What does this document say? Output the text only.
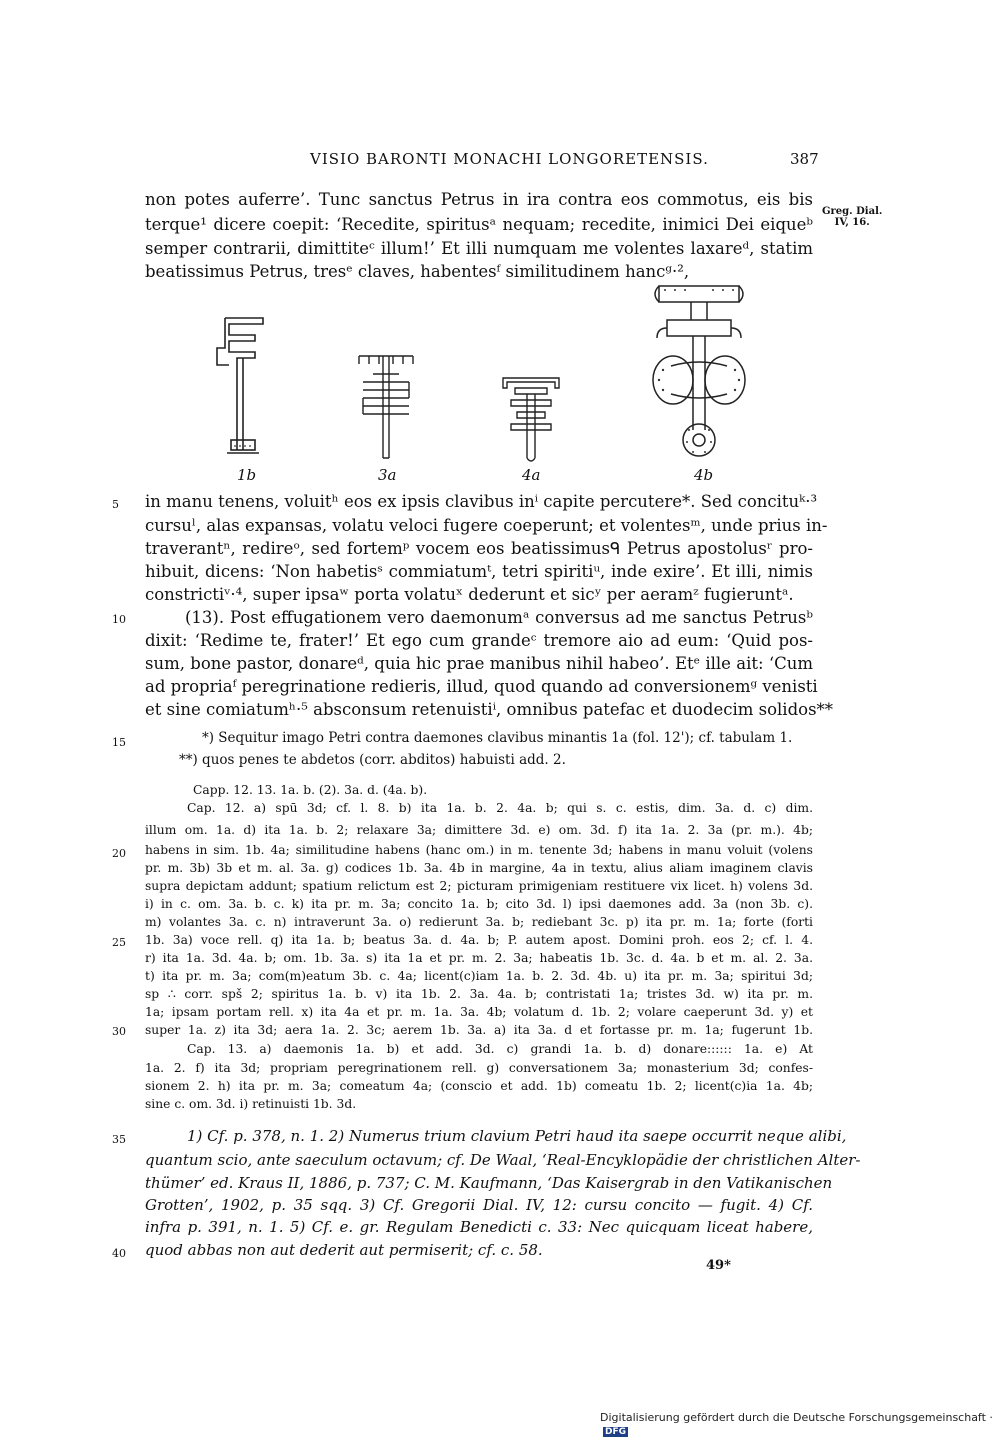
VISIO BARONTI MONACHI LONGORETENSIS.	387
Greg. Dial.
IV, 16.
non potes auferre’. Tunc sanctus Petrus in ira contra eos commotus, eis bis
terque¹ dicere coepit: ‘Recedite, spiritusᵃ nequam; recedite, inimici Dei eiqueᵇ
semper contrarii, dimittiteᶜ illum!’ Et illi numquam me volentes laxareᵈ, statim
beatissimus Petrus, tresᵉ claves, habentesᶠ similitudinem hancᵍ·²,
1b	3a	4a	4b
in manu tenens, voluitʰ eos ex ipsis clavibus inⁱ capite percutere*. Sed concituᵏ·³
cursuˡ, alas expansas, volatu veloci fugere coeperunt; et volentesᵐ, unde prius in-
traverantⁿ, redireᵒ, sed fortemᵖ vocem eos beatissimusᑫ Petrus apostolusʳ pro-
hibuit, dicens: ‘Non habetisˢ commiatumᵗ, tetri spiritiᵘ, inde exire’. Et illi, nimis
constrictiᵛ·⁴, super ipsaʷ porta volatuˣ dederunt et sicʸ per aeramᶻ fugieruntᵃ.
(13). Post effugationem vero daemonumᵃ conversus ad me sanctus Petrusᵇ
dixit: ‘Redime te, frater!’ Et ego cum grandeᶜ tremore aio ad eum: ‘Quid pos-
sum, bone pastor, donareᵈ, quia hic prae manibus nihil habeo’. Etᵉ ille ait: ‘Cum
ad propriaᶠ peregrinatione redieris, illud, quod quando ad conversionemᵍ venisti
et sine comiatumʰ·⁵ absconsum retenuistiⁱ, omnibus patefac et duodecim solidos**
5
10
15
20
25
30
35
40
*) Sequitur imago Petri contra daemones clavibus minantis 1a (fol. 12'); cf. tabulam 1.
**) quos penes te abdetos (corr. abditos) habuisti add. 2.
Capp. 12. 13. 1a. b. (2). 3a. d. (4a. b).
Cap. 12. a) spū 3d; cf. l. 8. b) ita 1a. b. 2. 4a. b; qui s. c. estis, dim. 3a. d. c) dim.
illum om. 1a. d) ita 1a. b. 2; relaxare 3a; dimittere 3d. e) om. 3d. f) ita 1a. 2. 3a (pr. m.). 4b;
habens in sim. 1b. 4a; similitudine habens (hanc om.) in m. tenente 3d; habens in manu voluit (volens
pr. m. 3b) 3b et m. al. 3a. g) codices 1b. 3a. 4b in margine, 4a in textu, alius aliam imaginem clavis
supra depictam addunt; spatium relictum est 2; picturam primigeniam restituere vix licet. h) volens 3d.
i) in c. om. 3a. b. c. k) ita pr. m. 3a; concito 1a. b; cito 3d. l) ipsi daemones add. 3a (non 3b. c).
m) volantes 3a. c. n) intraverunt 3a. o) redierunt 3a. b; rediebant 3c. p) ita pr. m. 1a; forte (forti
1b. 3a) voce rell. q) ita 1a. b; beatus 3a. d. 4a. b; P. autem apost. Domini proh. eos 2; cf. l. 4.
r) ita 1a. 3d. 4a. b; om. 1b. 3a. s) ita 1a et pr. m. 2. 3a; habeatis 1b. 3c. d. 4a. b et m. al. 2. 3a.
t) ita pr. m. 3a; com(m)eatum 3b. c. 4a; licent(c)iam 1a. b. 2. 3d. 4b. u) ita pr. m. 3a; spiritui 3d;
sp ∴ corr. spš 2; spiritus 1a. b. v) ita 1b. 2. 3a. 4a. b; contristati 1a; tristes 3d. w) ita pr. m.
1a; ipsam portam rell. x) ita 4a et pr. m. 1a. 3a. 4b; volatum d. 1b. 2; volare caeperunt 3d. y) et
super 1a. z) ita 3d; aera 1a. 2. 3c; aerem 1b. 3a. a) ita 3a. d et fortasse pr. m. 1a; fugerunt 1b.
Cap. 13. a) daemonis 1a. b) et add. 3d. c) grandi 1a. b. d) donare:::::: 1a. e) At
1a. 2. f) ita 3d; propriam peregrinationem rell. g) conversationem 3a; monasterium 3d; confes-
sionem 2. h) ita pr. m. 3a; comeatum 4a; (conscio et add. 1b) comeatu 1b. 2; licent(c)ia 1a. 4b;
sine c. om. 3d. i) retinuisti 1b. 3d.
1) Cf. p. 378, n. 1. 2) Numerus trium clavium Petri haud ita saepe occurrit neque alibi,
quantum scio, ante saeculum octavum; cf. De Waal, ‘Real-Encyklopädie der christlichen Alter-
thümer’ ed. Kraus II, 1886, p. 737; C. M. Kaufmann, ‘Das Kaisergrab in den Vatikanischen
Grotten’, 1902, p. 35 sqq. 3) Cf. Gregorii Dial. IV, 12: cursu concito — fugit. 4) Cf.
infra p. 391, n. 1. 5) Cf. e. gr. Regulam Benedicti c. 33: Nec quicquam liceat habere,
quod abbas non aut dederit aut permiserit; cf. c. 58.
49*
Digitalisierung gefördert durch die Deutsche Forschungsgemeinschaft · DFG
